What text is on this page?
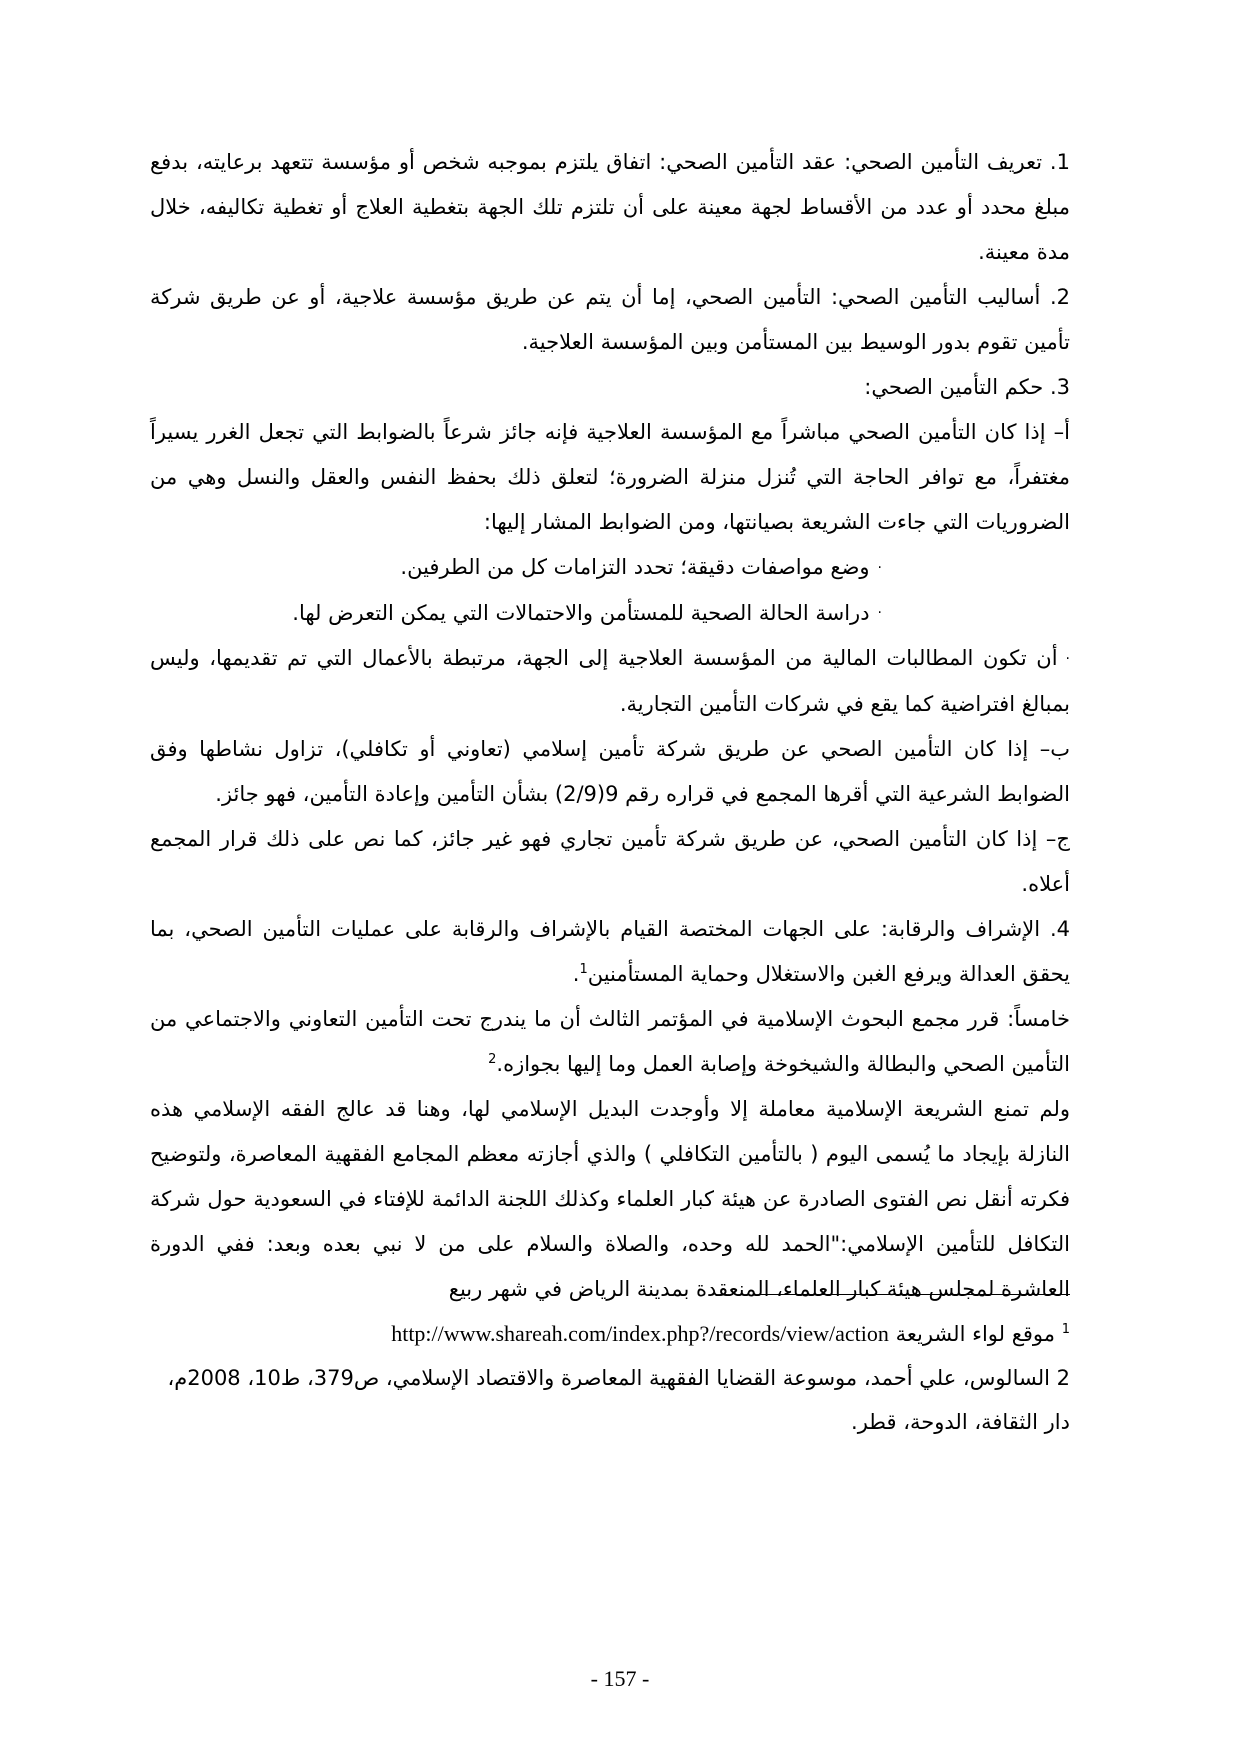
1. تعريف التأمين الصحي: عقد التأمين الصحي: اتفاق يلتزم بموجبه شخص أو مؤسسة تتعهد برعايته، بدفع مبلغ محدد أو عدد من الأقساط لجهة معينة على أن تلتزم تلك الجهة بتغطية العلاج أو تغطية تكاليفه، خلال مدة معينة.

2. أساليب التأمين الصحي: التأمين الصحي، إما أن يتم عن طريق مؤسسة علاجية، أو عن طريق شركة تأمين تقوم بدور الوسيط بين المستأمن وبين المؤسسة العلاجية.

3. حكم التأمين الصحي:

أ– إذا كان التأمين الصحي مباشراً مع المؤسسة العلاجية فإنه جائز شرعاً بالضوابط التي تجعل الغرر يسيراً مغتفراً، مع توافر الحاجة التي تُنزل منزلة الضرورة؛ لتعلق ذلك بحفظ النفس والعقل والنسل وهي من الضروريات التي جاءت الشريعة بصيانتها، ومن الضوابط المشار إليها:

·وضع مواصفات دقيقة؛ تحدد التزامات كل من الطرفين.

·دراسة الحالة الصحية للمستأمن والاحتمالات التي يمكن التعرض لها.

·أن تكون المطالبات المالية من المؤسسة العلاجية إلى الجهة، مرتبطة بالأعمال التي تم تقديمها، وليس بمبالغ افتراضية كما يقع في شركات التأمين التجارية.

ب– إذا كان التأمين الصحي عن طريق شركة تأمين إسلامي (تعاوني أو تكافلي)، تزاول نشاطها وفق الضوابط الشرعية التي أقرها المجمع في قراره رقم 9(2/9) بشأن التأمين وإعادة التأمين، فهو جائز.

ج– إذا كان التأمين الصحي، عن طريق شركة تأمين تجاري فهو غير جائز، كما نص على ذلك قرار المجمع أعلاه.

4. الإشراف والرقابة: على الجهات المختصة القيام بالإشراف والرقابة على عمليات التأمين الصحي، بما يحقق العدالة ويرفع الغبن والاستغلال وحماية المستأمنين$^1$.

خامساً: قرر مجمع البحوث الإسلامية في المؤتمر الثالث أن ما يندرج تحت التأمين التعاوني والاجتماعي من التأمين الصحي والبطالة والشيخوخة وإصابة العمل وما إليها بجوازه.$^2$

ولم تمنع الشريعة الإسلامية معاملة إلا وأوجدت البديل الإسلامي لها، وهنا قد عالج الفقه الإسلامي هذه النازلة بإيجاد ما يُسمى اليوم ( بالتأمين التكافلي ) والذي أجازته معظم المجامع الفقهية المعاصرة، ولتوضيح فكرته أنقل نص الفتوى الصادرة عن هيئة كبار العلماء وكذلك اللجنة الدائمة للإفتاء في السعودية حول شركة التكافل للتأمين الإسلامي:"الحمد لله وحده، والصلاة والسلام على من لا نبي بعده وبعد: ففي الدورة العاشرة لمجلس هيئة كبار العلماء، المنعقدة بمدينة الرياض في شهر ربيع

$^1$ موقع لواء الشريعة http://www.shareah.com/index.php?/records/view/action

2 السالوس، علي أحمد، موسوعة القضايا الفقهية المعاصرة والاقتصاد الإسلامي، ص379، ط10، 2008م، دار الثقافة، الدوحة، قطر.

- 157 -
